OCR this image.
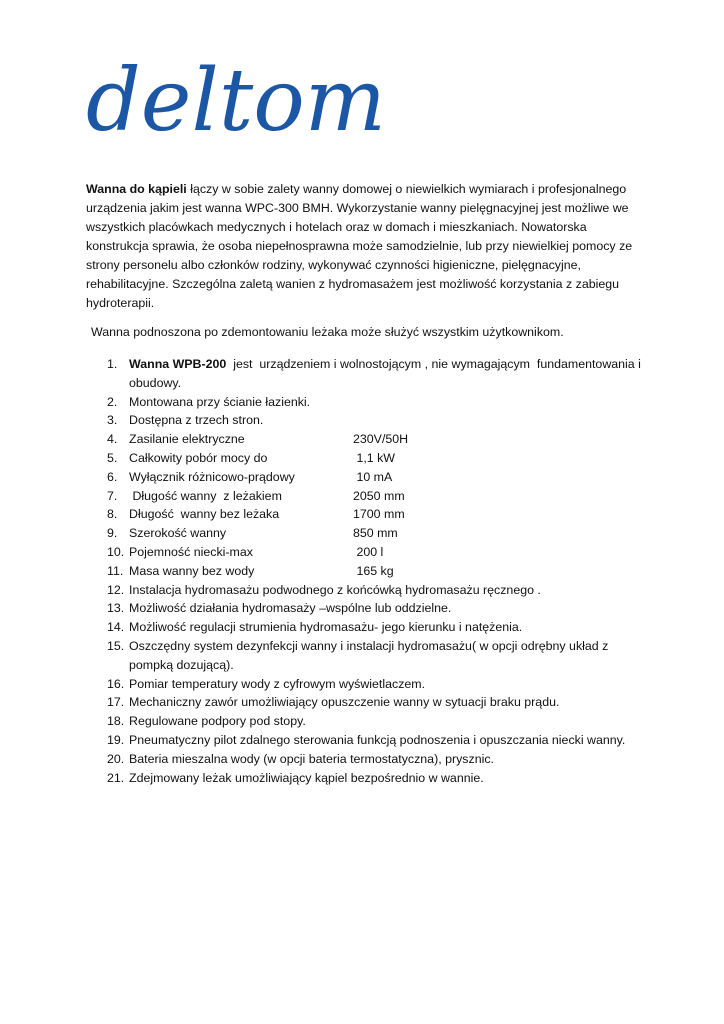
deltom

Wanna do kąpieli łączy w sobie zalety wanny domowej o niewielkich wymiarach i profesjonalnego urządzenia jakim jest wanna WPC-300 BMH. Wykorzystanie wanny pielęgnacyjnej jest możliwe we wszystkich placówkach medycznych i hotelach oraz w domach i mieszkaniach. Nowatorska konstrukcja sprawia, że osoba niepełnosprawna może samodzielnie, lub przy niewielkiej pomocy ze strony personelu albo członków rodziny, wykonywać czynności higieniczne, pielęgnacyjne, rehabilitacyjne. Szczególna zaletą wanien z hydromasażem jest możliwość korzystania z zabiegu hydroterapii.

Wanna podnoszona po zdemontowaniu leżaka może służyć wszystkim użytkownikom.
1. Wanna WPB-200  jest  urządzeniem i wolnostojącym , nie wymagającym  fundamentowania i obudowy.
2. Montowana przy ścianie łazienki.
3. Dostępna z trzech stron.
4. Zasilanie elektryczne	230V/50H
5. Całkowity pobór mocy do	1,1 kW
6. Wyłącznik różnicowo-prądowy	10 mA
7. Długość wanny  z leżakiem	2050 mm
8. Długość  wanny bez leżaka	1700 mm
9. Szerokość wanny	850 mm
10. Pojemność niecki-max	200 l
11. Masa wanny bez wody	165 kg
12. Instalacja hydromasażu podwodnego z końcówką hydromasażu ręcznego .
13. Możliwość działania hydromasaży –wspólne lub oddzielne.
14. Możliwość regulacji strumienia hydromasażu- jego kierunku i natężenia.
15. Oszczędny system dezynfekcji wanny i instalacji hydromasażu( w opcji odrębny układ z pompką dozującą).
16. Pomiar temperatury wody z cyfrowym wyświetlaczem.
17. Mechaniczny zawór umożliwiający opuszczenie wanny w sytuacji braku prądu.
18. Regulowane podpory pod stopy.
19. Pneumatyczny pilot zdalnego sterowania funkcją podnoszenia i opuszczania niecki wanny.
20. Bateria mieszalna wody (w opcji bateria termostatyczna), prysznic.
21. Zdejmowany leżak umożliwiający kąpiel bezpośrednio w wannie.
